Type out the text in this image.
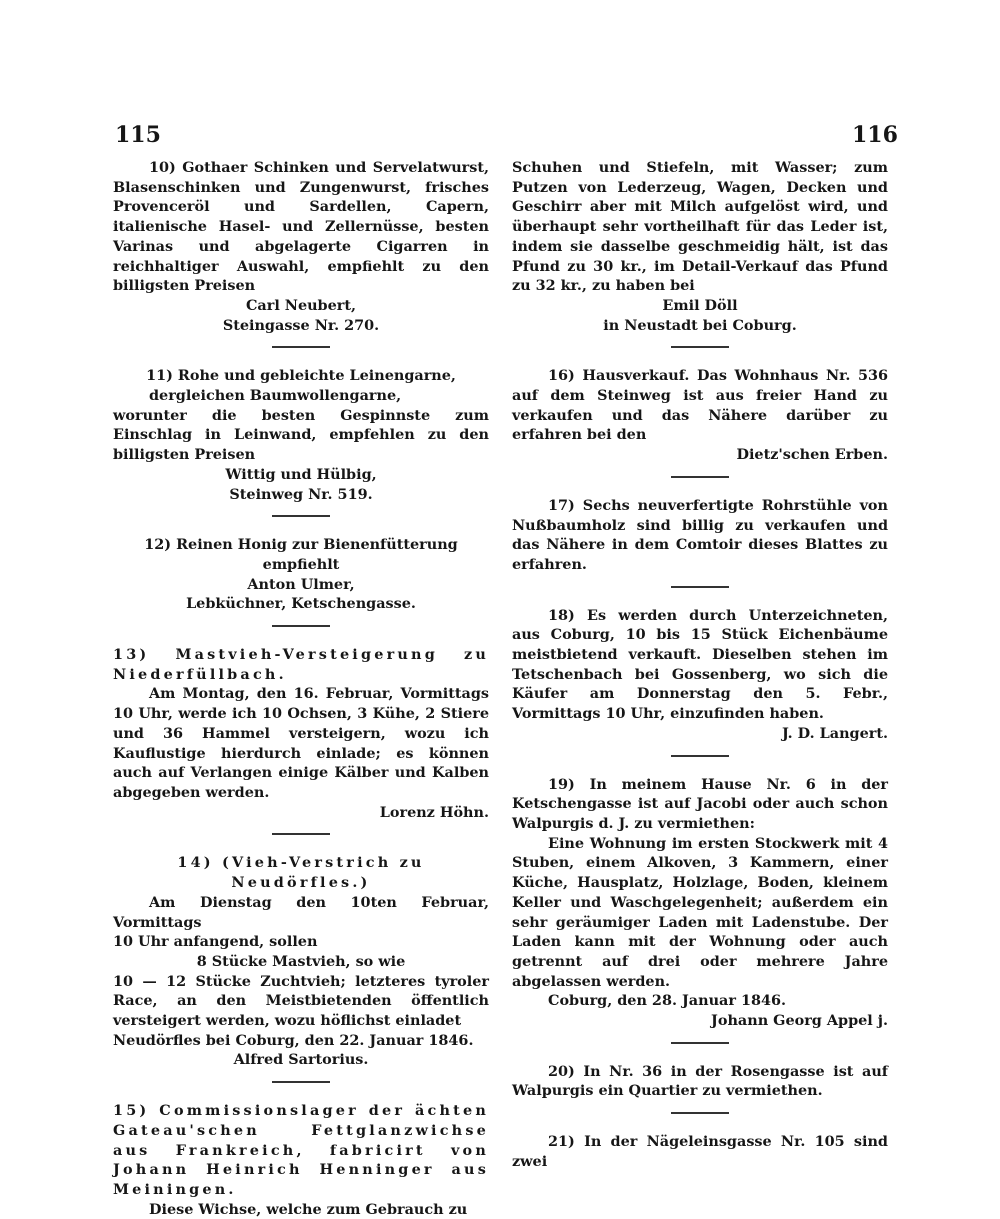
115	116

10) Gothaer Schinken und Servelatwurst, Blasenschinken und Zungenwurst, frisches Provenceröl und Sardellen, Capern, italienische Hasel- und Zellernüsse, besten Varinas und abgelagerte Cigarren in reichhaltiger Auswahl, empfiehlt zu den billigsten Preisen

Carl Neubert,

Steingasse Nr. 270.

11) Rohe und gebleichte Leinengarne,

dergleichen Baumwollengarne,

worunter die besten Gespinnste zum Einschlag in Leinwand, empfehlen zu den billigsten Preisen

Wittig und Hülbig,

Steinweg Nr. 519.

12) Reinen Honig zur Bienenfütterung empfiehlt

Anton Ulmer,

Lebküchner, Ketschengasse.

13) Mastvieh-Versteigerung zu Niederfüllbach.

Am Montag, den 16. Februar, Vormittags 10 Uhr, werde ich 10 Ochsen, 3 Kühe, 2 Stiere und 36 Hammel versteigern, wozu ich Kauflustige hierdurch einlade; es können auch auf Verlangen einige Kälber und Kalben abgegeben werden.

Lorenz Höhn.

14) (Vieh-Verstrich zu Neudörfles.)

Am Dienstag den 10ten Februar, Vormittags

10 Uhr anfangend, sollen

8 Stücke Mastvieh, so wie

10 — 12 Stücke Zuchtvieh; letzteres tyroler Race, an den Meistbietenden öffentlich versteigert werden, wozu höflichst einladet

Neudörfles bei Coburg, den 22. Januar 1846.

Alfred Sartorius.

15) Commissionslager der ächten Gateau'schen Fettglanzwichse aus Frankreich, fabricirt von Johann Heinrich Henninger aus Meiningen.

Diese Wichse, welche zum Gebrauch zu

Schuhen und Stiefeln, mit Wasser; zum Putzen von Lederzeug, Wagen, Decken und Geschirr aber mit Milch aufgelöst wird, und überhaupt sehr vortheilhaft für das Leder ist, indem sie dasselbe geschmeidig hält, ist das Pfund zu 30 kr., im Detail-Verkauf das Pfund zu 32 kr., zu haben bei

Emil Döll

in Neustadt bei Coburg.

16) Hausverkauf. Das Wohnhaus Nr. 536 auf dem Steinweg ist aus freier Hand zu verkaufen und das Nähere darüber zu erfahren bei den

Dietz'schen Erben.

17) Sechs neuverfertigte Rohrstühle von Nußbaumholz sind billig zu verkaufen und das Nähere in dem Comtoir dieses Blattes zu erfahren.

18) Es werden durch Unterzeichneten, aus Coburg, 10 bis 15 Stück Eichenbäume meistbietend verkauft. Dieselben stehen im Tetschenbach bei Gossenberg, wo sich die Käufer am Donnerstag den 5. Febr., Vormittags 10 Uhr, einzufinden haben.

J. D. Langert.

19) In meinem Hause Nr. 6 in der Ketschengasse ist auf Jacobi oder auch schon Walpurgis d. J. zu vermiethen:

Eine Wohnung im ersten Stockwerk mit 4 Stuben, einem Alkoven, 3 Kammern, einer Küche, Hausplatz, Holzlage, Boden, kleinem Keller und Waschgelegenheit; außerdem ein sehr geräumiger Laden mit Ladenstube. Der Laden kann mit der Wohnung oder auch getrennt auf drei oder mehrere Jahre abgelassen werden.

Coburg, den 28. Januar 1846.

Johann Georg Appel j.

20) In Nr. 36 in der Rosengasse ist auf Walpurgis ein Quartier zu vermiethen.

21) In der Nägeleinsgasse Nr. 105 sind zwei
